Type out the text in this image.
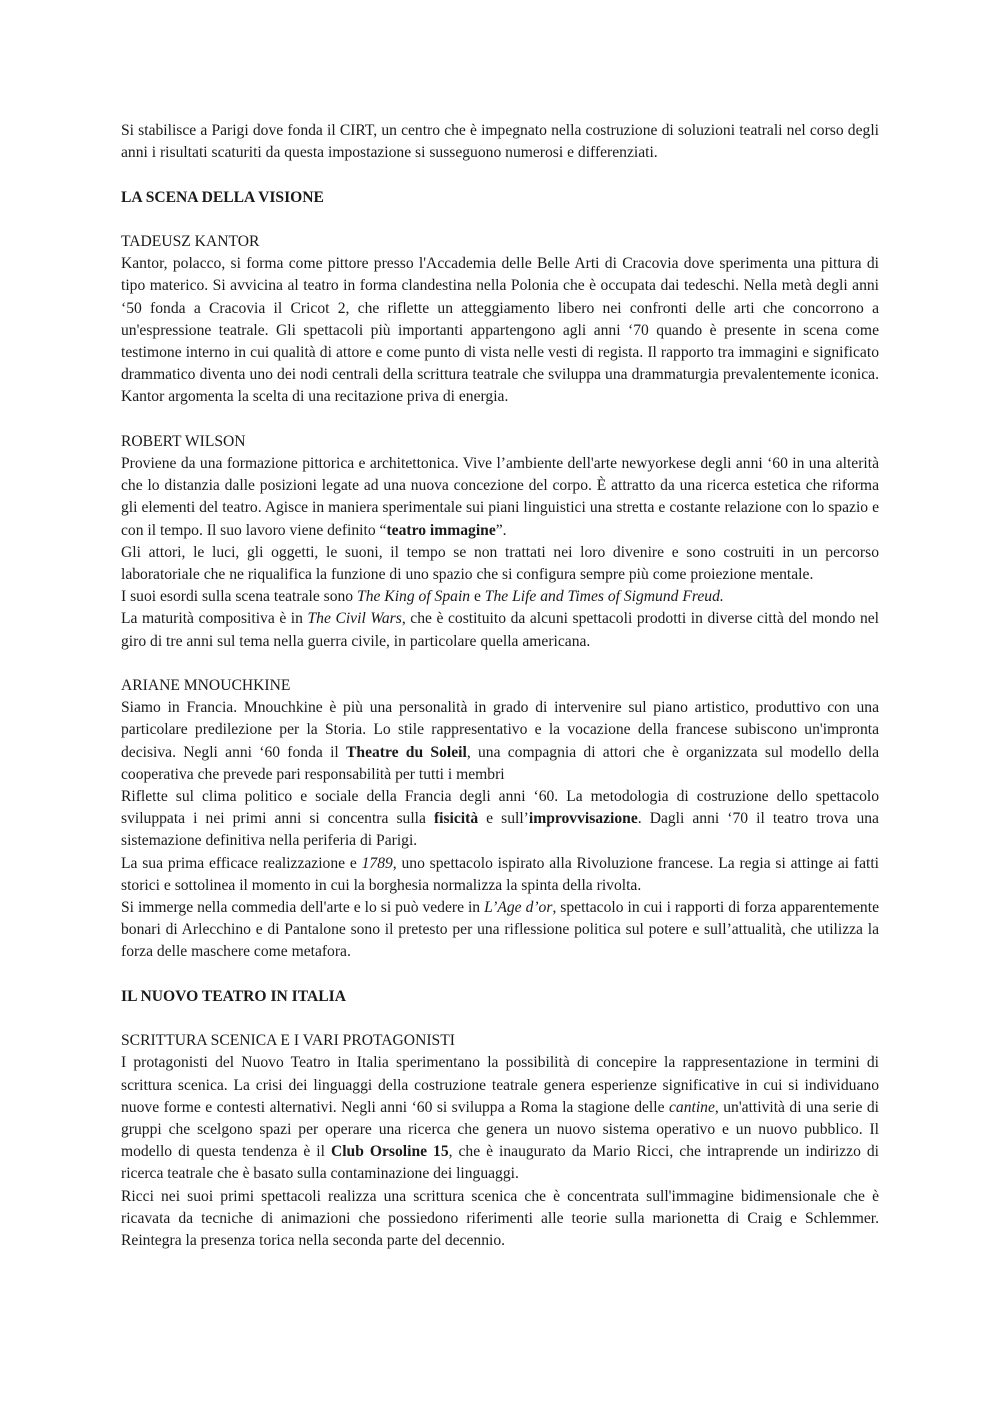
Si stabilisce a Parigi dove fonda il CIRT, un centro che è impegnato nella costruzione di soluzioni teatrali nel corso degli anni i risultati scaturiti da questa impostazione si susseguono numerosi e differenziati.

LA SCENA DELLA VISIONE

TADEUSZ KANTOR

Kantor, polacco, si forma come pittore presso l'Accademia delle Belle Arti di Cracovia dove sperimenta una pittura di tipo materico. Si avvicina al teatro in forma clandestina nella Polonia che è occupata dai tedeschi. Nella metà degli anni ‘50 fonda a Cracovia il Cricot 2, che riflette un atteggiamento libero nei confronti delle arti che concorrono a un'espressione teatrale. Gli spettacoli più importanti appartengono agli anni ‘70 quando è presente in scena come testimone interno in cui qualità di attore e come punto di vista nelle vesti di regista. Il rapporto tra immagini e significato drammatico diventa uno dei nodi centrali della scrittura teatrale che sviluppa una drammaturgia prevalentemente iconica. Kantor argomenta la scelta di una recitazione priva di energia.

ROBERT WILSON

Proviene da una formazione pittorica e architettonica. Vive l’ambiente dell'arte newyorkese degli anni ‘60 in una alterità che lo distanzia dalle posizioni legate ad una nuova concezione del corpo. È attratto da una ricerca estetica che riforma gli elementi del teatro. Agisce in maniera sperimentale sui piani linguistici una stretta e costante relazione con lo spazio e con il tempo. Il suo lavoro viene definito “teatro immagine”.

Gli attori, le luci, gli oggetti, le suoni, il tempo se non trattati nei loro divenire e sono costruiti in un percorso laboratoriale che ne riqualifica la funzione di uno spazio che si configura sempre più come proiezione mentale.

I suoi esordi sulla scena teatrale sono The King of Spain e The Life and Times of Sigmund Freud.

La maturità compositiva è in The Civil Wars, che è costituito da alcuni spettacoli prodotti in diverse città del mondo nel giro di tre anni sul tema nella guerra civile, in particolare quella americana.

ARIANE MNOUCHKINE

Siamo in Francia. Mnouchkine è più una personalità in grado di intervenire sul piano artistico, produttivo con una particolare predilezione per la Storia. Lo stile rappresentativo e la vocazione della francese subiscono un'impronta decisiva. Negli anni ‘60 fonda il Theatre du Soleil, una compagnia di attori che è organizzata sul modello della cooperativa che prevede pari responsabilità per tutti i membri

Riflette sul clima politico e sociale della Francia degli anni ‘60. La metodologia di costruzione dello spettacolo sviluppata i nei primi anni si concentra sulla fisicità e sull’improvvisazione. Dagli anni ‘70 il teatro trova una sistemazione definitiva nella periferia di Parigi.

La sua prima efficace realizzazione e 1789, uno spettacolo ispirato alla Rivoluzione francese. La regia si attinge ai fatti storici e sottolinea il momento in cui la borghesia normalizza la spinta della rivolta.

Si immerge nella commedia dell'arte e lo si può vedere in L’Age d’or, spettacolo in cui i rapporti di forza apparentemente bonari di Arlecchino e di Pantalone sono il pretesto per una riflessione politica sul potere e sull’attualità, che utilizza la forza delle maschere come metafora.

IL NUOVO TEATRO IN ITALIA

SCRITTURA SCENICA E I VARI PROTAGONISTI

I protagonisti del Nuovo Teatro in Italia sperimentano la possibilità di concepire la rappresentazione in termini di scrittura scenica. La crisi dei linguaggi della costruzione teatrale genera esperienze significative in cui si individuano nuove forme e contesti alternativi. Negli anni ‘60 si sviluppa a Roma la stagione delle cantine, un'attività di una serie di gruppi che scelgono spazi per operare una ricerca che genera un nuovo sistema operativo e un nuovo pubblico. Il modello di questa tendenza è il Club Orsoline 15, che è inaugurato da Mario Ricci, che intraprende un indirizzo di ricerca teatrale che è basato sulla contaminazione dei linguaggi.

Ricci nei suoi primi spettacoli realizza una scrittura scenica che è concentrata sull'immagine bidimensionale che è ricavata da tecniche di animazioni che possiedono riferimenti alle teorie sulla marionetta di Craig e Schlemmer. Reintegra la presenza torica nella seconda parte del decennio.
